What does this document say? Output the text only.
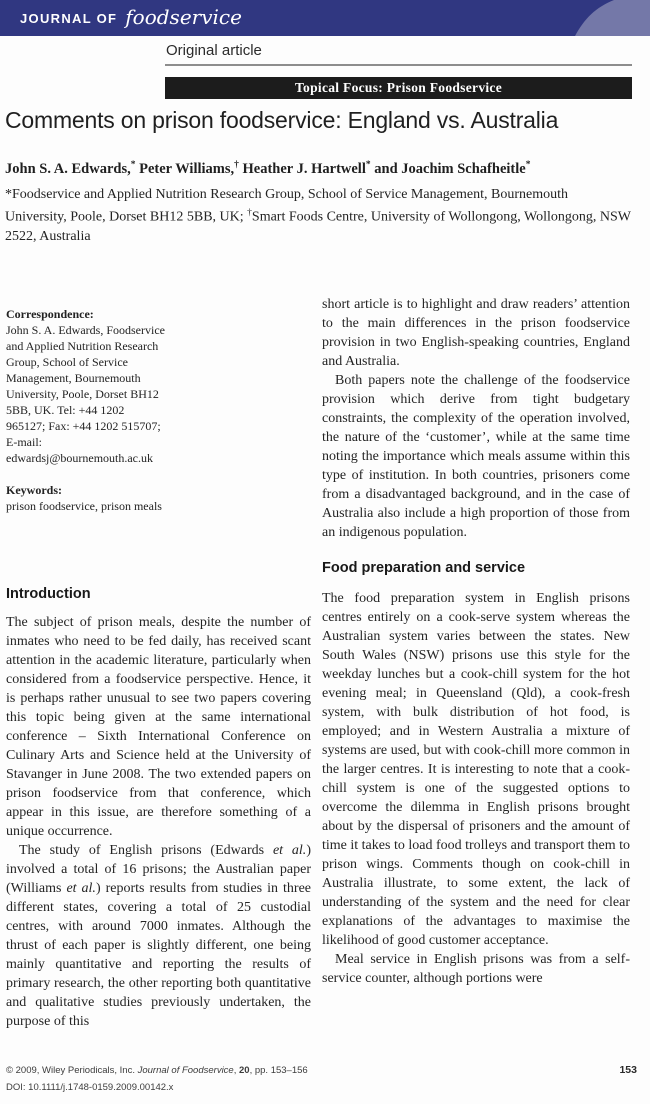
JOURNAL OF foodservice
Original article
Topical Focus: Prison Foodservice
Comments on prison foodservice: England vs. Australia
John S. A. Edwards,* Peter Williams,† Heather J. Hartwell* and Joachim Schafheitle*
*Foodservice and Applied Nutrition Research Group, School of Service Management, Bournemouth University, Poole, Dorset BH12 5BB, UK; †Smart Foods Centre, University of Wollongong, Wollongong, NSW 2522, Australia
Correspondence:
John S. A. Edwards, Foodservice and Applied Nutrition Research Group, School of Service Management, Bournemouth University, Poole, Dorset BH12 5BB, UK. Tel: +44 1202 965127; Fax: +44 1202 515707; E-mail: edwardsj@bournemouth.ac.uk
Keywords:
prison foodservice, prison meals
Introduction

The subject of prison meals, despite the number of inmates who need to be fed daily, has received scant attention in the academic literature, particularly when considered from a foodservice perspective. Hence, it is perhaps rather unusual to see two papers covering this topic being given at the same international conference – Sixth International Conference on Culinary Arts and Science held at the University of Stavanger in June 2008. The two extended papers on prison foodservice from that conference, which appear in this issue, are therefore something of a unique occurrence.

The study of English prisons (Edwards et al.) involved a total of 16 prisons; the Australian paper (Williams et al.) reports results from studies in three different states, covering a total of 25 custodial centres, with around 7000 inmates. Although the thrust of each paper is slightly different, one being mainly quantitative and reporting the results of primary research, the other reporting both quantitative and qualitative studies previously undertaken, the purpose of this

short article is to highlight and draw readers’ attention to the main differences in the prison foodservice provision in two English-speaking countries, England and Australia.

Both papers note the challenge of the foodservice provision which derive from tight budgetary constraints, the complexity of the operation involved, the nature of the ‘customer’, while at the same time noting the importance which meals assume within this type of institution. In both countries, prisoners come from a disadvantaged background, and in the case of Australia also include a high proportion of those from an indigenous population.

Food preparation and service

The food preparation system in English prisons centres entirely on a cook-serve system whereas the Australian system varies between the states. New South Wales (NSW) prisons use this style for the weekday lunches but a cook-chill system for the hot evening meal; in Queensland (Qld), a cook-fresh system, with bulk distribution of hot food, is employed; and in Western Australia a mixture of systems are used, but with cook-chill more common in the larger centres. It is interesting to note that a cook-chill system is one of the suggested options to overcome the dilemma in English prisons brought about by the dispersal of prisoners and the amount of time it takes to load food trolleys and transport them to prison wings. Comments though on cook-chill in Australia illustrate, to some extent, the lack of understanding of the system and the need for clear explanations of the advantages to maximise the likelihood of good customer acceptance.

Meal service in English prisons was from a self-service counter, although portions were

© 2009, Wiley Periodicals, Inc. Journal of Foodservice, 20, pp. 153–156
DOI: 10.1111/j.1748-0159.2009.00142.x
153
